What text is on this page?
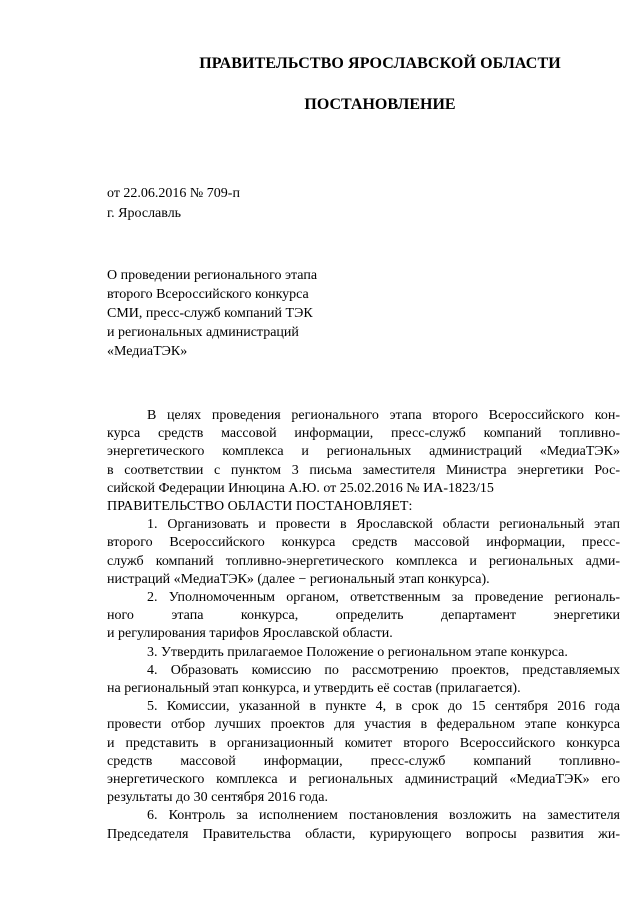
ПРАВИТЕЛЬСТВО ЯРОСЛАВСКОЙ ОБЛАСТИ
ПОСТАНОВЛЕНИЕ
от 22.06.2016 № 709-п
г. Ярославль
О проведении регионального этапа
второго Всероссийского конкурса
СМИ, пресс-служб компаний ТЭК
и региональных администраций
«МедиаТЭК»
В целях проведения регионального этапа второго Всероссийского кон-
курса средств массовой информации, пресс-служб компаний топливно-
энергетического комплекса и региональных администраций «МедиаТЭК»
в соответствии с пунктом 3 письма заместителя Министра энергетики Рос-
сийской Федерации Инюцина А.Ю. от 25.02.2016 № ИА-1823/15
ПРАВИТЕЛЬСТВО ОБЛАСТИ ПОСТАНОВЛЯЕТ:
1. Организовать и провести в Ярославской области региональный этап
второго Всероссийского конкурса средств массовой информации, пресс-
служб компаний топливно-энергетического комплекса и региональных адми-
нистраций «МедиаТЭК» (далее − региональный этап конкурса).
2. Уполномоченным органом, ответственным за проведение региональ-
ного этапа конкурса, определить департамент энергетики
и регулирования тарифов Ярославской области.
3. Утвердить прилагаемое Положение о региональном этапе конкурса.
4. Образовать комиссию по рассмотрению проектов, представляемых
на региональный этап конкурса, и утвердить её состав (прилагается).
5. Комиссии, указанной в пункте 4, в срок до 15 сентября 2016 года
провести отбор лучших проектов для участия в федеральном этапе конкурса
и представить в организационный комитет второго Всероссийского конкурса
средств массовой информации, пресс-служб компаний топливно-
энергетического комплекса и региональных администраций «МедиаТЭК» его
результаты до 30 сентября 2016 года.
6. Контроль за исполнением постановления возложить на заместителя
Председателя Правительства области, курирующего вопросы развития жи-
